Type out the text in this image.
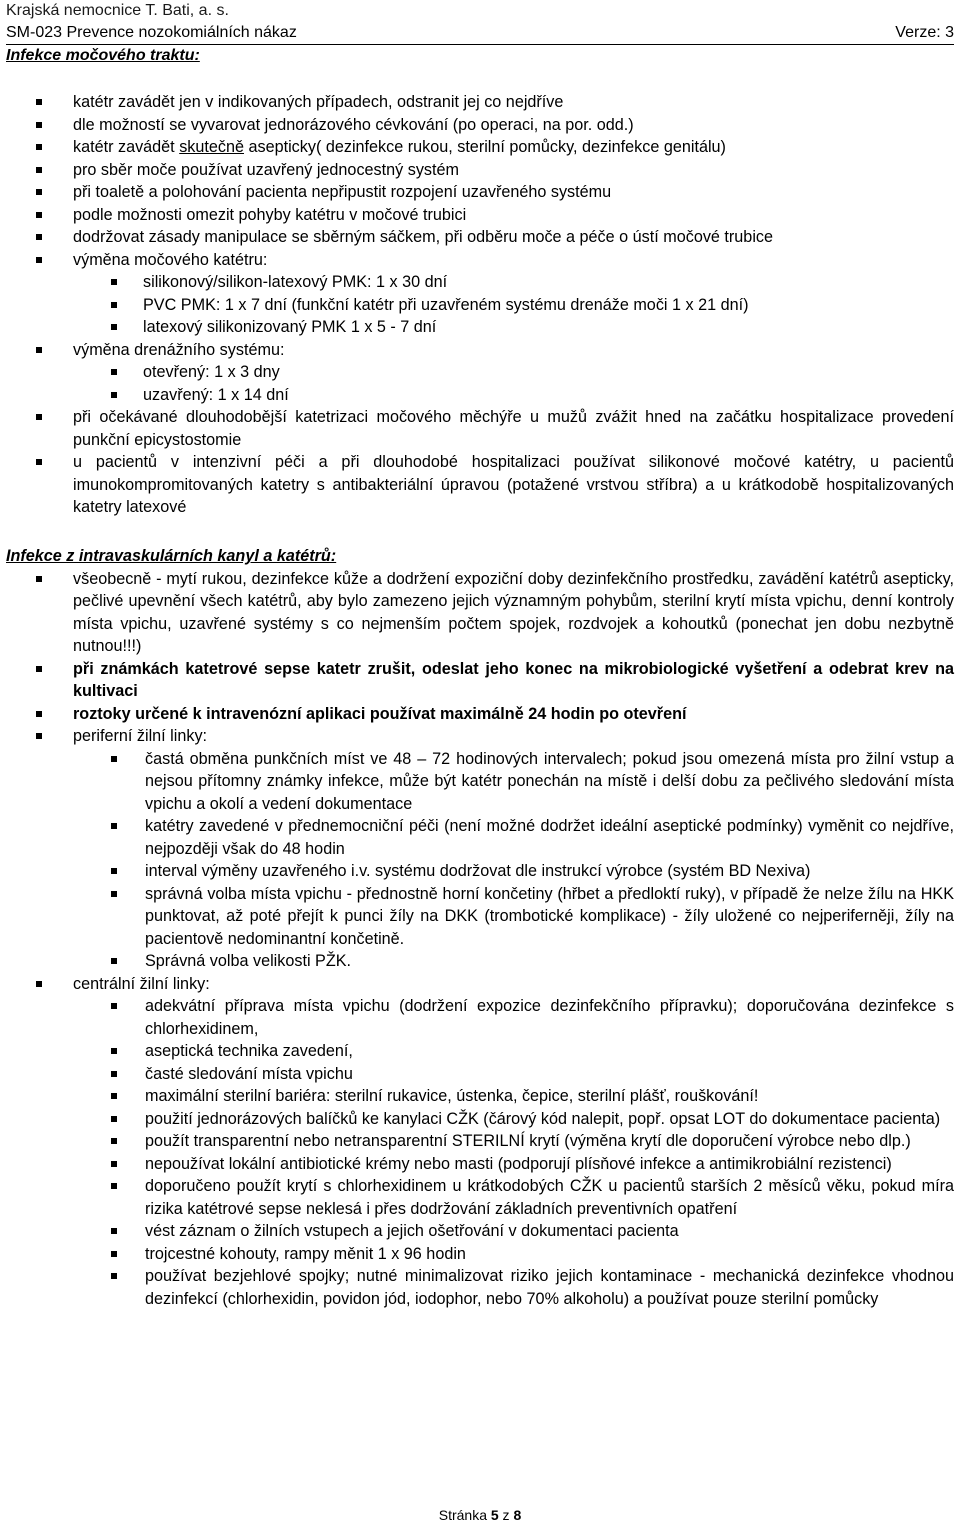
Krajská nemocnice T. Bati, a. s.
SM-023 Prevence nozokomiálních nákaz	Verze: 3
Infekce močového traktu:
katétr zavádět jen v indikovaných případech, odstranit jej co nejdříve
dle možností se vyvarovat jednorázového cévkování (po operaci, na por. odd.)
katétr zavádět skutečně asepticky( dezinfekce rukou, sterilní pomůcky, dezinfekce genitálu)
pro sběr moče používat uzavřený jednocestný systém
při toaletě a polohování pacienta nepřipustit rozpojení uzavřeného systému
podle možnosti omezit pohyby katétru v močové trubici
dodržovat zásady manipulace se sběrným sáčkem, při odběru moče a péče o ústí močové trubice
výměna močového katétru:
silikonový/silikon-latexový PMK: 1 x 30 dní
PVC PMK: 1 x 7 dní (funkční katétr při uzavřeném systému drenáže moči 1 x 21 dní)
latexový silikonizovaný PMK 1 x 5 - 7 dní
výměna drenážního systému:
otevřený: 1 x 3 dny
uzavřený: 1 x 14 dní
při očekávané dlouhodobější katetrizaci močového měchýře u mužů zvážit hned na začátku hospitalizace provedení punkční epicystostomie
u pacientů v intenzivní péči a při dlouhodobé hospitalizaci používat silikonové močové katétry, u pacientů imunokompromitovaných katetry s antibakteriální úpravou (potažené vrstvou stříbra) a u krátkodobě hospitalizovaných katetry latexové
Infekce z intravaskulárních kanyl a katétrů:
všeobecně - mytí rukou, dezinfekce kůže a dodržení expoziční doby dezinfekčního prostředku, zavádění katétrů asepticky, pečlivé upevnění všech katétrů, aby bylo zamezeno jejich významným pohybům, sterilní krytí místa vpichu, denní kontroly místa vpichu, uzavřené systémy s co nejmenším počtem spojek, rozdvojek a kohoutků (ponechat jen dobu nezbytně nutnou!!!)
při známkách katetrové sepse katetr zrušit, odeslat jeho konec na mikrobiologické vyšetření a odebrat krev na kultivaci
roztoky určené k intravenózní aplikaci používat maximálně 24 hodin po otevření
periferní žilní linky:
častá obměna punkčních míst ve 48 – 72 hodinových intervalech; pokud jsou omezená místa pro žilní vstup a nejsou přítomny známky infekce, může být katétr ponechán na místě i delší dobu za pečlivého sledování místa vpichu a okolí a vedení dokumentace
katétry zavedené v přednemocniční péči (není možné dodržet ideální aseptické podmínky) vyměnit co nejdříve, nejpozději však do 48 hodin
interval výměny uzavřeného i.v. systému dodržovat dle instrukcí výrobce (systém BD Nexiva)
správná volba místa vpichu - přednostně horní končetiny (hřbet a předloktí ruky), v případě že nelze žílu na HKK punktovat, až poté přejít k punci žíly na DKK (trombotické komplikace) - žíly uložené co nejperiferněji, žíly na pacientově nedominantní končetině.
Správná volba velikosti PŽK.
centrální žilní linky:
adekvátní příprava místa vpichu (dodržení expozice dezinfekčního přípravku); doporučována dezinfekce s chlorhexidinem,
aseptická technika zavedení,
časté sledování místa vpichu
maximální sterilní bariéra: sterilní rukavice, ústenka, čepice, sterilní plášť, rouškování!
použití jednorázových balíčků ke kanylaci CŽK (čárový kód nalepit, popř. opsat LOT do dokumentace pacienta)
použít transparentní nebo netransparentní STERILNÍ krytí (výměna krytí dle doporučení výrobce nebo dlp.)
nepoužívat lokální antibiotické krémy nebo masti (podporují plísňové infekce a antimikrobiální rezistenci)
doporučeno použít krytí s chlorhexidinem u krátkodobých CŽK u pacientů starších 2 měsíců věku, pokud míra rizika katétrové sepse neklesá i přes dodržování základních preventivních opatření
vést záznam o žilních vstupech a jejich ošetřování v dokumentaci pacienta
trojcestné kohouty, rampy měnit 1 x 96 hodin
používat bezjehlové spojky; nutné minimalizovat riziko jejich kontaminace - mechanická dezinfekce vhodnou dezinfekcí (chlorhexidin, povidon jód, iodophor, nebo 70% alkoholu) a používat pouze sterilní pomůcky
Stránka 5 z 8
